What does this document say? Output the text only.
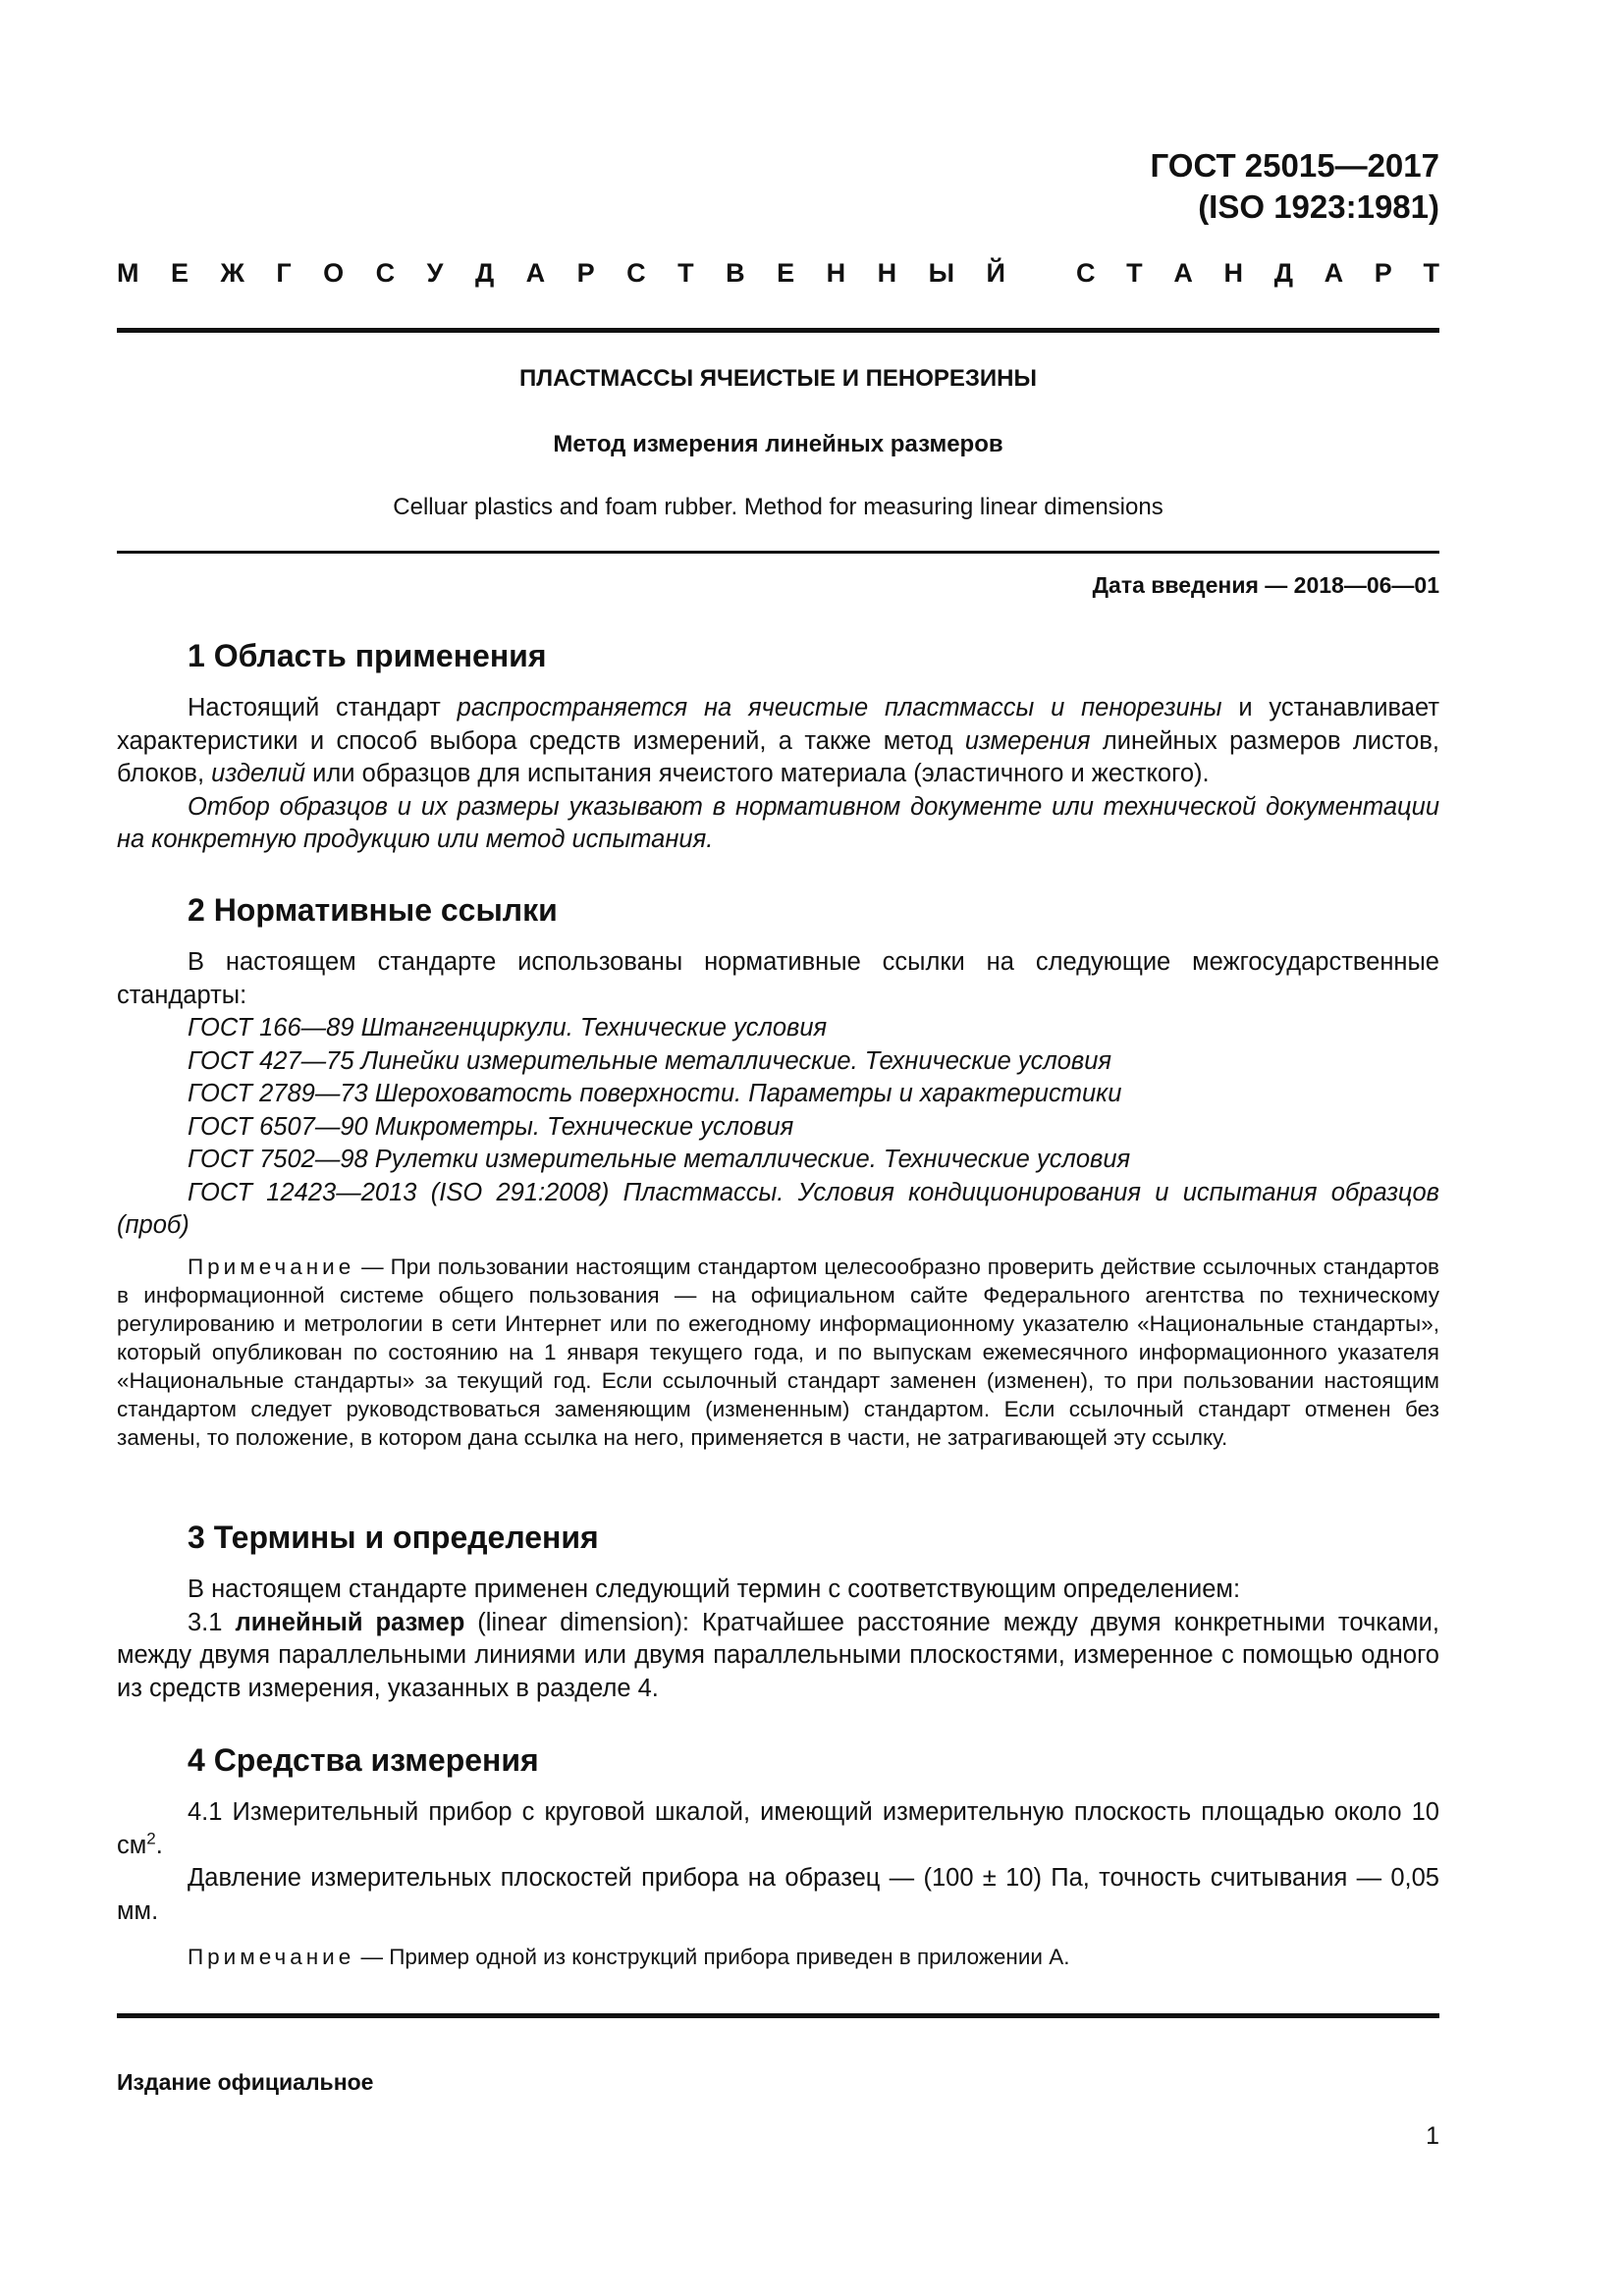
ГОСТ 25015—2017
(ISO 1923:1981)
М Е Ж Г О С У Д А Р С Т В Е Н Н Ы Й	С Т А Н Д А Р Т
ПЛАСТМАССЫ ЯЧЕИСТЫЕ И ПЕНОРЕЗИНЫ
Метод измерения линейных размеров
Celluar plastics and foam rubber. Method for measuring linear dimensions
Дата введения — 2018—06—01
1 Область применения

Настоящий стандарт распространяется на ячеистые пластмассы и пенорезины и устанавливает характеристики и способ выбора средств измерений, а также метод измерения линейных размеров листов, блоков, изделий или образцов для испытания ячеистого материала (эластичного и жесткого).

Отбор образцов и их размеры указывают в нормативном документе или технической документации на конкретную продукцию или метод испытания.

2 Нормативные ссылки

В настоящем стандарте использованы нормативные ссылки на следующие межгосударственные стандарты:

ГОСТ 166—89 Штангенциркули. Технические условия

ГОСТ 427—75 Линейки измерительные металлические. Технические условия

ГОСТ 2789—73 Шероховатость поверхности. Параметры и характеристики

ГОСТ 6507—90 Микрометры. Технические условия

ГОСТ 7502—98 Рулетки измерительные металлические. Технические условия

ГОСТ 12423—2013 (ISO 291:2008) Пластмассы. Условия кондиционирования и испытания образцов (проб)

Примечание — При пользовании настоящим стандартом целесообразно проверить действие ссылочных стандартов в информационной системе общего пользования — на официальном сайте Федерального агентства по техническому регулированию и метрологии в сети Интернет или по ежегодному информационному указателю «Национальные стандарты», который опубликован по состоянию на 1 января текущего года, и по выпускам ежемесячного информационного указателя «Национальные стандарты» за текущий год. Если ссылочный стандарт заменен (изменен), то при пользовании настоящим стандартом следует руководствоваться заменяющим (измененным) стандартом. Если ссылочный стандарт отменен без замены, то положение, в котором дана ссылка на него, применяется в части, не затрагивающей эту ссылку.

3 Термины и определения

В настоящем стандарте применен следующий термин с соответствующим определением:

3.1 линейный размер (linear dimension): Кратчайшее расстояние между двумя конкретными точками, между двумя параллельными линиями или двумя параллельными плоскостями, измеренное с помощью одного из средств измерения, указанных в разделе 4.

4 Средства измерения

4.1 Измерительный прибор с круговой шкалой, имеющий измерительную плоскость площадью около 10 $см^2$.

Давление измерительных плоскостей прибора на образец — (100 ± 10) Па, точность считывания — 0,05 мм.

Примечание — Пример одной из конструкций прибора приведен в приложении А.

Издание официальное
1
